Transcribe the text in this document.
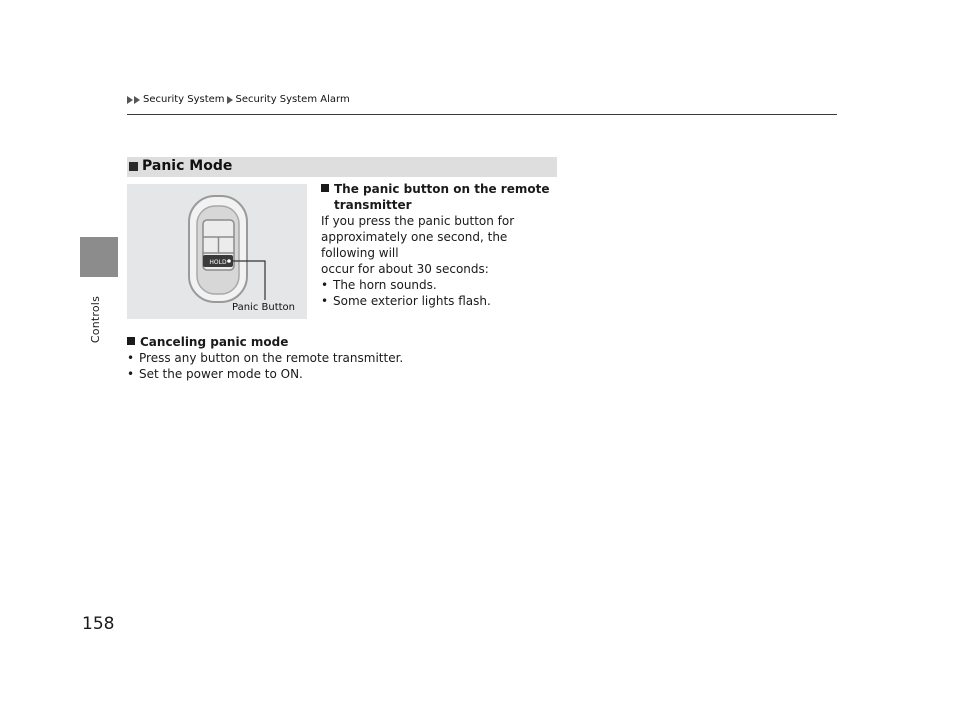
Controls
Security System Security System Alarm
Panic Mode
HOLD
Panic Button
The panic button on the remote
transmitter
If you press the panic button for
approximately one second, the following will
occur for about 30 seconds:
• The horn sounds.
• Some exterior lights flash.
Canceling panic mode
• Press any button on the remote transmitter.
• Set the power mode to ON.
158
